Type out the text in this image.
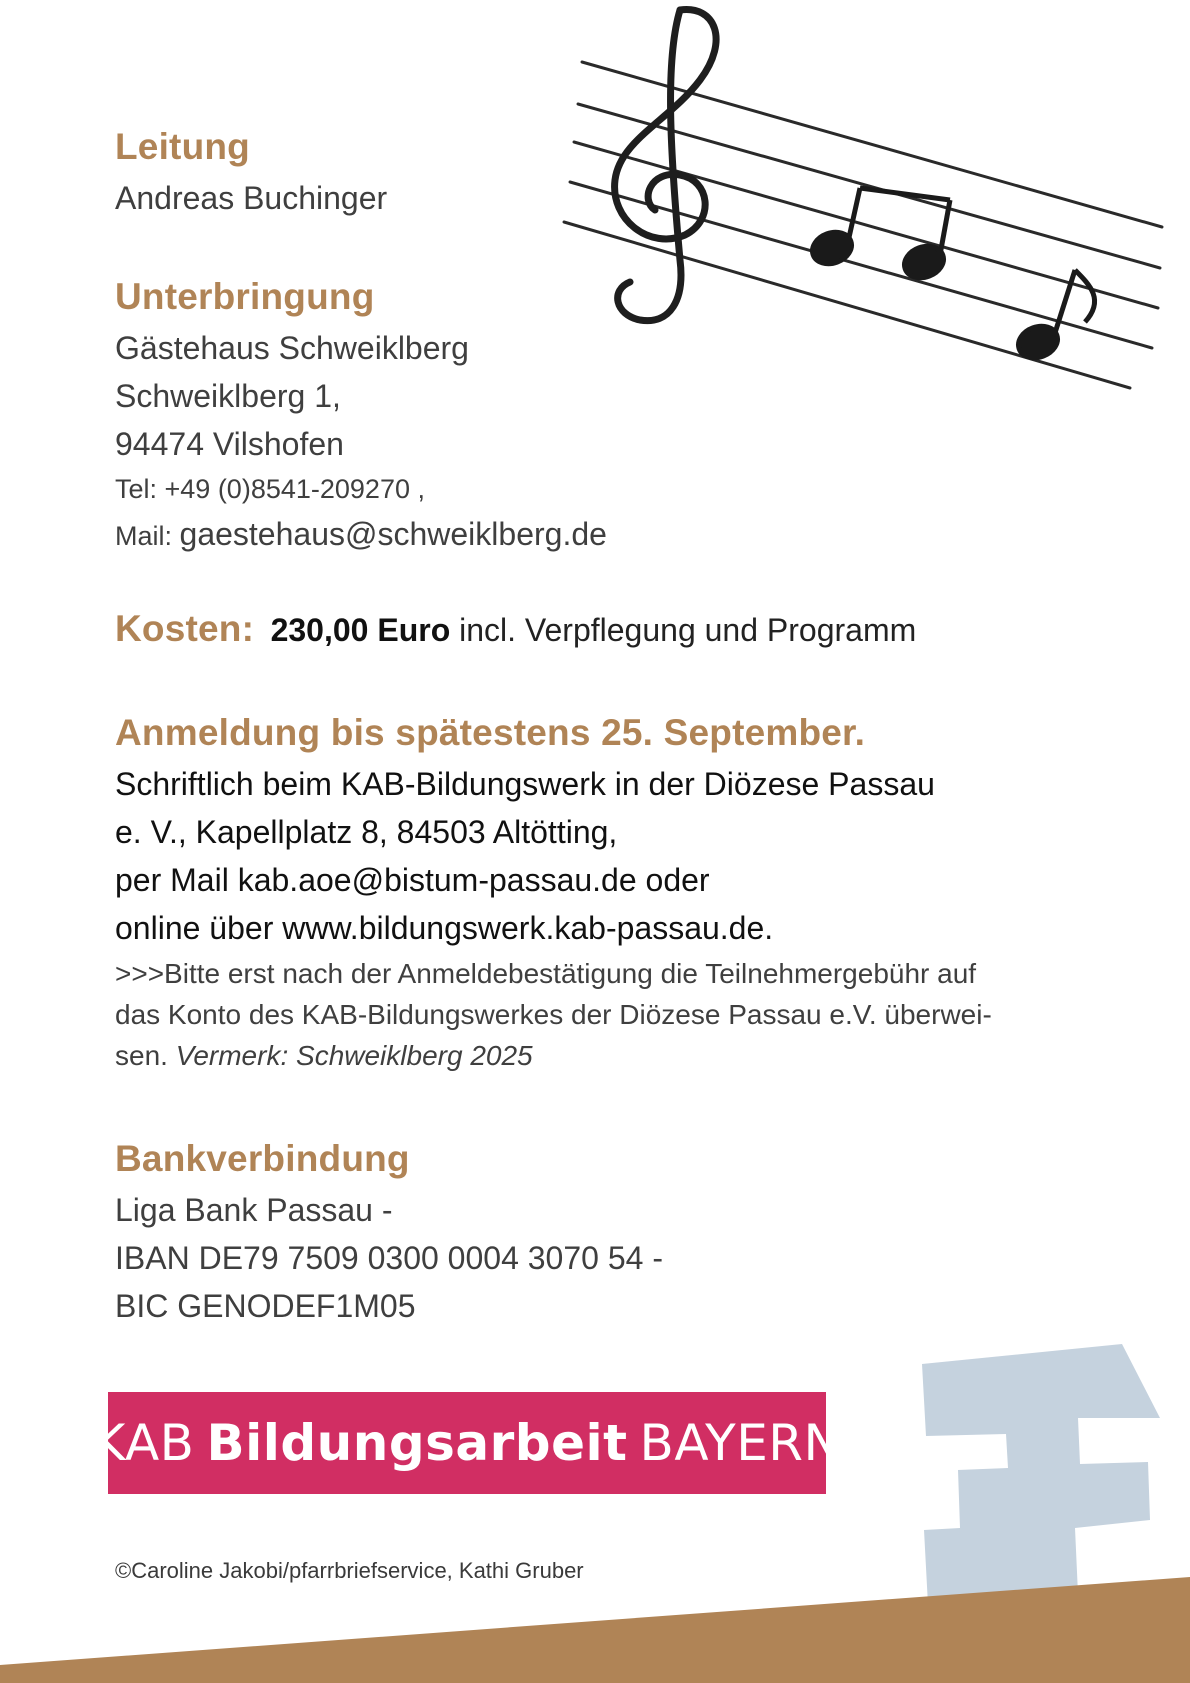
Leitung
Andreas Buchinger
Unterbringung
Gästehaus Schweiklberg
Schweiklberg 1,
94474 Vilshofen
Tel: +49 (0)8541-209270 ,
Mail: gaestehaus@schweiklberg.de
Kosten: 230,00 Euro incl. Verpflegung und Programm
Anmeldung bis spätestens 25. September.
Schriftlich beim KAB-Bildungswerk in der Diözese Passau
e. V., Kapellplatz 8, 84503 Altötting,
per Mail kab.aoe@bistum-passau.de oder
online über www.bildungswerk.kab-passau.de.
>>>Bitte erst nach der Anmeldebestätigung die Teilnehmergebühr auf
das Konto des KAB-Bildungswerkes der Diözese Passau e.V. überwei-
sen. Vermerk: Schweiklberg 2025
Bankverbindung
Liga Bank Passau -
IBAN DE79 7509 0300 0004 3070 54 -
BIC GENODEF1M05
KAB Bildungsarbeit BAYERN
©Caroline Jakobi/pfarrbriefservice, Kathi Gruber
